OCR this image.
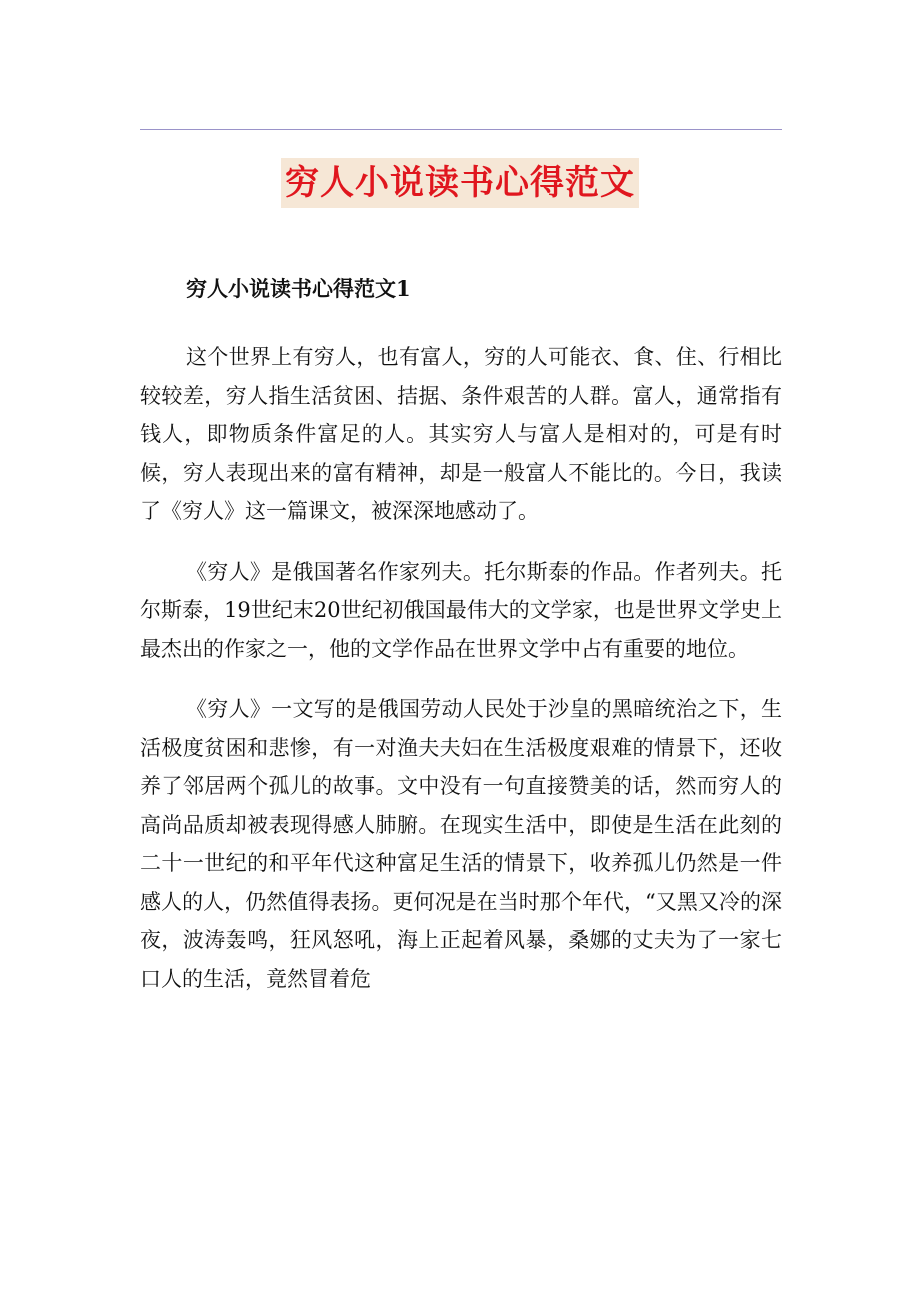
穷人小说读书心得范文

穷人小说读书心得范文1

这个世界上有穷人，也有富人，穷的人可能衣、食、住、行相比较较差，穷人指生活贫困、拮据、条件艰苦的人群。富人，通常指有钱人，即物质条件富足的人。其实穷人与富人是相对的，可是有时候，穷人表现出来的富有精神，却是一般富人不能比的。今日，我读了《穷人》这一篇课文，被深深地感动了。

《穷人》是俄国著名作家列夫。托尔斯泰的作品。作者列夫。托尔斯泰，19世纪末20世纪初俄国最伟大的文学家，也是世界文学史上最杰出的作家之一，他的文学作品在世界文学中占有重要的地位。

《穷人》一文写的是俄国劳动人民处于沙皇的黑暗统治之下，生活极度贫困和悲惨，有一对渔夫夫妇在生活极度艰难的情景下，还收养了邻居两个孤儿的故事。文中没有一句直接赞美的话，然而穷人的高尚品质却被表现得感人肺腑。在现实生活中，即使是生活在此刻的二十一世纪的和平年代这种富足生活的情景下，收养孤儿仍然是一件感人的人，仍然值得表扬。更何况是在当时那个年代，“又黑又冷的深夜，波涛轰鸣，狂风怒吼，海上正起着风暴，桑娜的丈夫为了一家七口人的生活，竟然冒着危
